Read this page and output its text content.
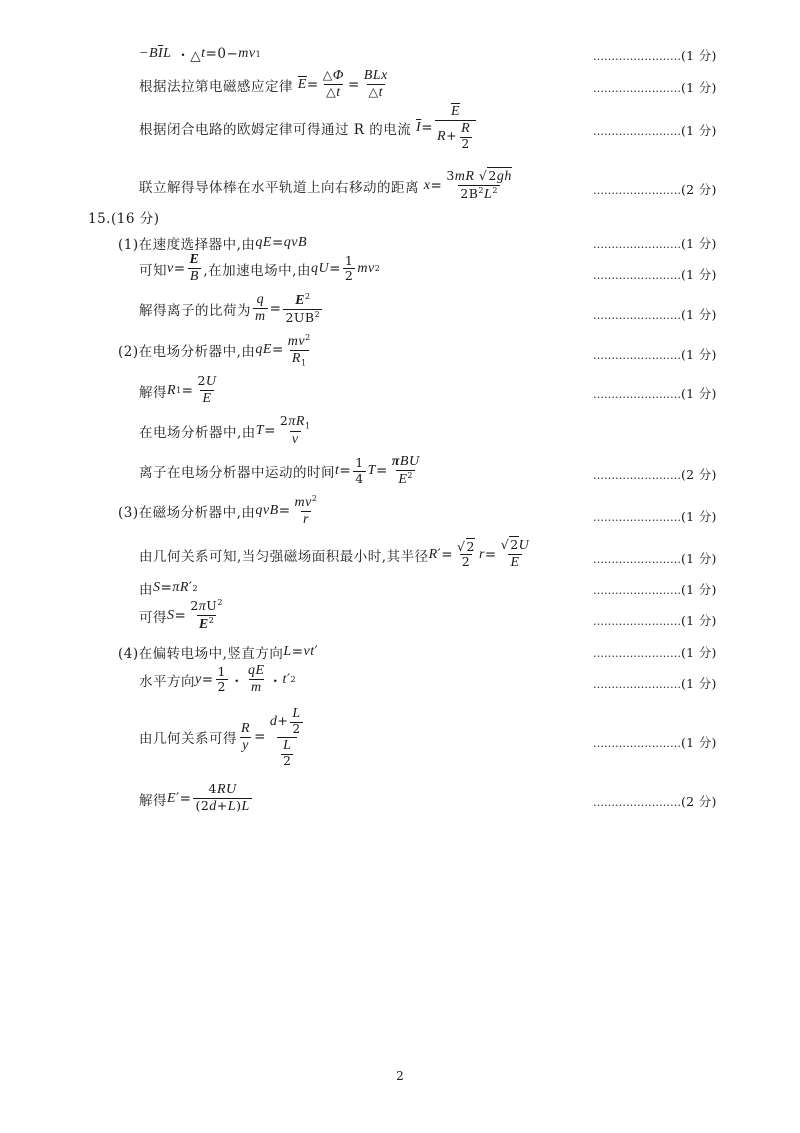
−B $\overline{I}$ L ・△ t =0− mv 1	……………………(1 分)
根据法拉第电磁感应定律
$\overline{E} = \frac{\triangle\Phi}{\triangle t} = \frac{\text{BLx}}{\triangle t}$	……………………(1 分)
根据闭合电路的欧姆定律可得通过 R 的电流
$\overline{I} = \frac{\overline{E}}{R+ \frac{R}{2}}$	……………………(1 分)
联立解得导体棒在水平轨道上向右移动的距离
$x = \frac{3mR √2gh}{2B^2L^2}$	……………………(2 分)
15.(16 分)
(1)在速度选择器中,由 qE = qvB	……………………(1 分)
可知 $v = \frac{E}{B}$ ,在加速电场中,由 qU = $\frac{1}{2}$ mv 2
……………………(1 分)
解得离子的比荷为 $\frac{q}{m} = \frac{E^2}{2UB^2}$	……………………(1 分)
(2)在电场分析器中,由 qE = $\frac{mv^2}{R_1}$	……………………(1 分)
解得 R $1 = \frac{2U}{E}$	……………………(1 分)
在电场分析器中,由 $T = \frac{2\pi R_1}{v}$
离子在电场分析器中运动的时间 $t = \frac{1}{4}$ $T = \frac{\text{πBU}}{E^2}$	……………………(2 分)
(3)在磁场分析器中,由 qvB = $\frac{mv^2}{r}$	……………………(1 分)
由几何关系可知,当匀强磁场面积最小时,其半径 R ′= $\frac{√2}{2}$ $r = \frac{√2U}{E}$	……………………(1 分)
由 S = πR ′ 2	……………………(1 分)
可得 $S = \frac{2\pi U^2}{E^2}$	……………………(1 分)
(4)在偏转电场中,竖直方向 L = vt ′	……………………(1 分)
水平方向 $y = \frac{1}{2}$ ・ $\frac{qE}{m}$ ・ t ′ 2	……………………(1 分)
由几何关系可得 $\frac{R}{y} = \frac{d+ \frac{L}{2}}{\frac{L}{2}}$	……………………(1 分)
解得 E ′= $\frac{4RU}{(2d+L)L}$	……………………(2 分)
2
